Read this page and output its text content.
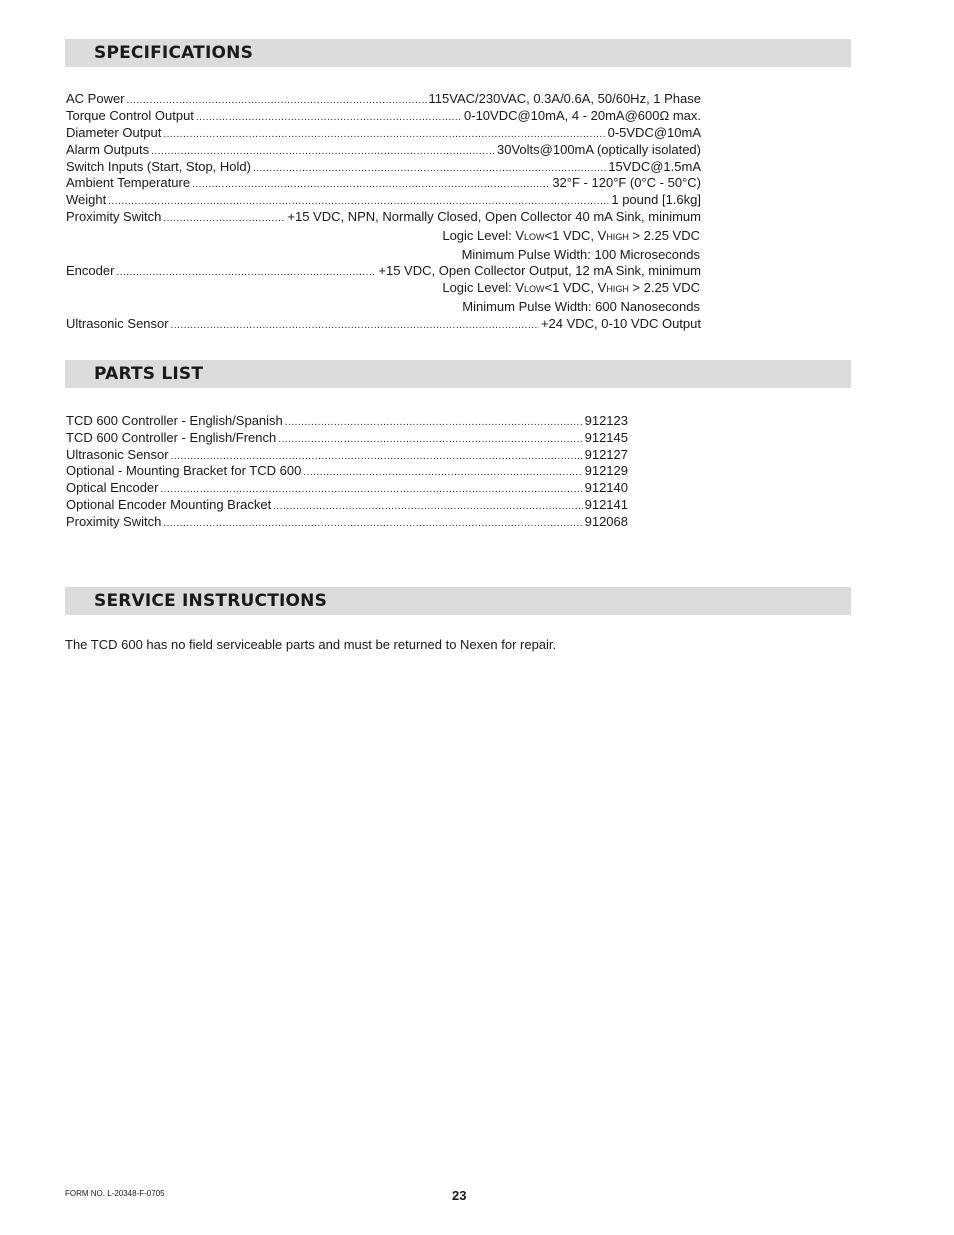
SPECIFICATIONS
AC Power .....	115VAC/230VAC, 0.3A/0.6A, 50/60Hz, 1 Phase
Torque Control Output .....	0-10VDC@10mA, 4 - 20mA@600Ω max.
Diameter Output .....	0-5VDC@10mA
Alarm Outputs .....	30Volts@100mA (optically isolated)
Switch Inputs (Start, Stop, Hold) .....	15VDC@1.5mA
Ambient Temperature .....	32°F - 120°F (0°C - 50°C)
Weight .....	1 pound [1.6kg]
Proximity Switch .....	+15 VDC, NPN, Normally Closed, Open Collector 40 mA Sink, minimum
Logic Level: VLOW<1 VDC, VHIGH > 2.25 VDC
Minimum Pulse Width: 100 Microseconds
Encoder .....	+15 VDC, Open Collector Output, 12 mA Sink, minimum
Logic Level: VLOW<1 VDC, VHIGH > 2.25 VDC
Minimum Pulse Width: 600 Nanoseconds
Ultrasonic Sensor .....	+24 VDC, 0-10 VDC Output
PARTS LIST
TCD 600 Controller - English/Spanish .....	912123
TCD 600 Controller - English/French .....	912145
Ultrasonic Sensor .....	912127
Optional - Mounting Bracket for TCD 600 .....	912129
Optical Encoder .....	912140
Optional Encoder Mounting Bracket .....	912141
Proximity Switch .....	912068
SERVICE INSTRUCTIONS

The TCD 600 has no field serviceable parts and must be returned to Nexen for repair.

FORM NO. L-20348-F-0705	23
